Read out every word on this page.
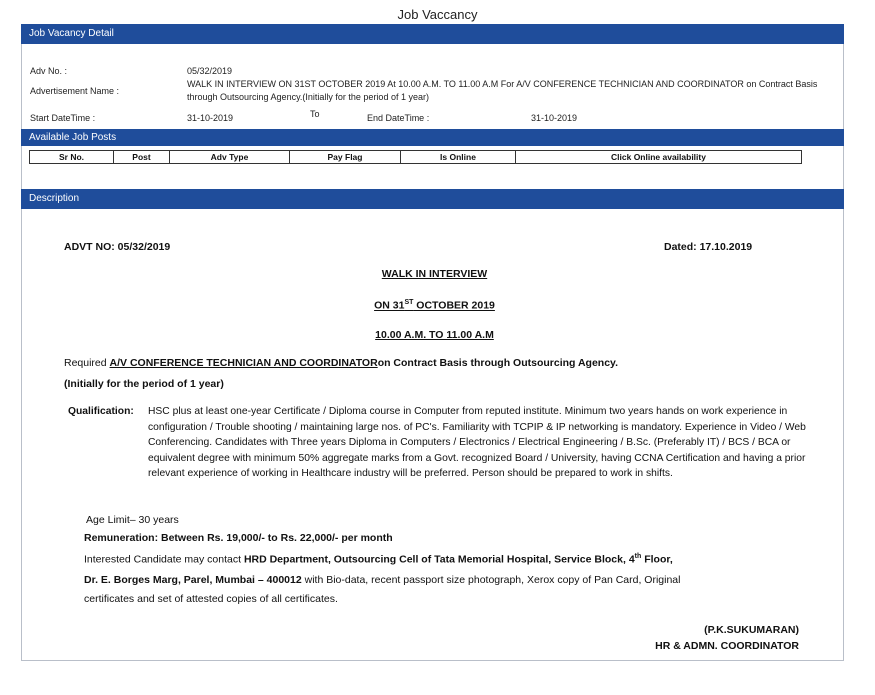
Job Vaccancy
Job Vacancy Detail
Adv No. :	05/32/2019
Advertisement Name :
WALK IN INTERVIEW ON 31ST OCTOBER 2019 At 10.00 A.M. TO 11.00 A.M For A/V CONFERENCE TECHNICIAN AND COORDINATOR on Contract Basis through Outsourcing Agency.(Initially for the period of 1 year)
Start DateTime :	31-10-2019	To	End DateTime :	31-10-2019
Available Job Posts
Sr No.	Post	Adv Type	Pay Flag	Is Online	Click Online availability
Description
ADVT NO: 05/32/2019	Dated: 17.10.2019
WALK IN INTERVIEW
ON 31ST OCTOBER 2019
10.00 A.M. TO 11.00 A.M
Required A/V CONFERENCE TECHNICIAN AND COORDINATORon Contract Basis through Outsourcing Agency.
(Initially for the period of 1 year)
Qualification: HSC plus at least one-year Certificate / Diploma course in Computer from reputed institute. Minimum two years hands on work experience in configuration / Trouble shooting / maintaining large nos. of PC's. Familiarity with TCPIP & IP networking is mandatory. Experience in Video / Web Conferencing. Candidates with Three years Diploma in Computers / Electronics / Electrical Engineering / B.Sc. (Preferably IT) / BCS / BCA or equivalent degree with minimum 50% aggregate marks from a Govt. recognized Board / University, having CCNA Certification and having a prior relevant experience of working in Healthcare industry will be preferred. Person should be prepared to work in shifts.
Age Limit– 30 years
Remuneration: Between Rs. 19,000/- to Rs. 22,000/- per month
Interested Candidate may contact HRD Department, Outsourcing Cell of Tata Memorial Hospital, Service Block, 4th Floor,
Dr. E. Borges Marg, Parel, Mumbai – 400012 with Bio-data, recent passport size photograph, Xerox copy of Pan Card, Original
certificates and set of attested copies of all certificates.
(P.K.SUKUMARAN)
HR & ADMN. COORDINATOR
